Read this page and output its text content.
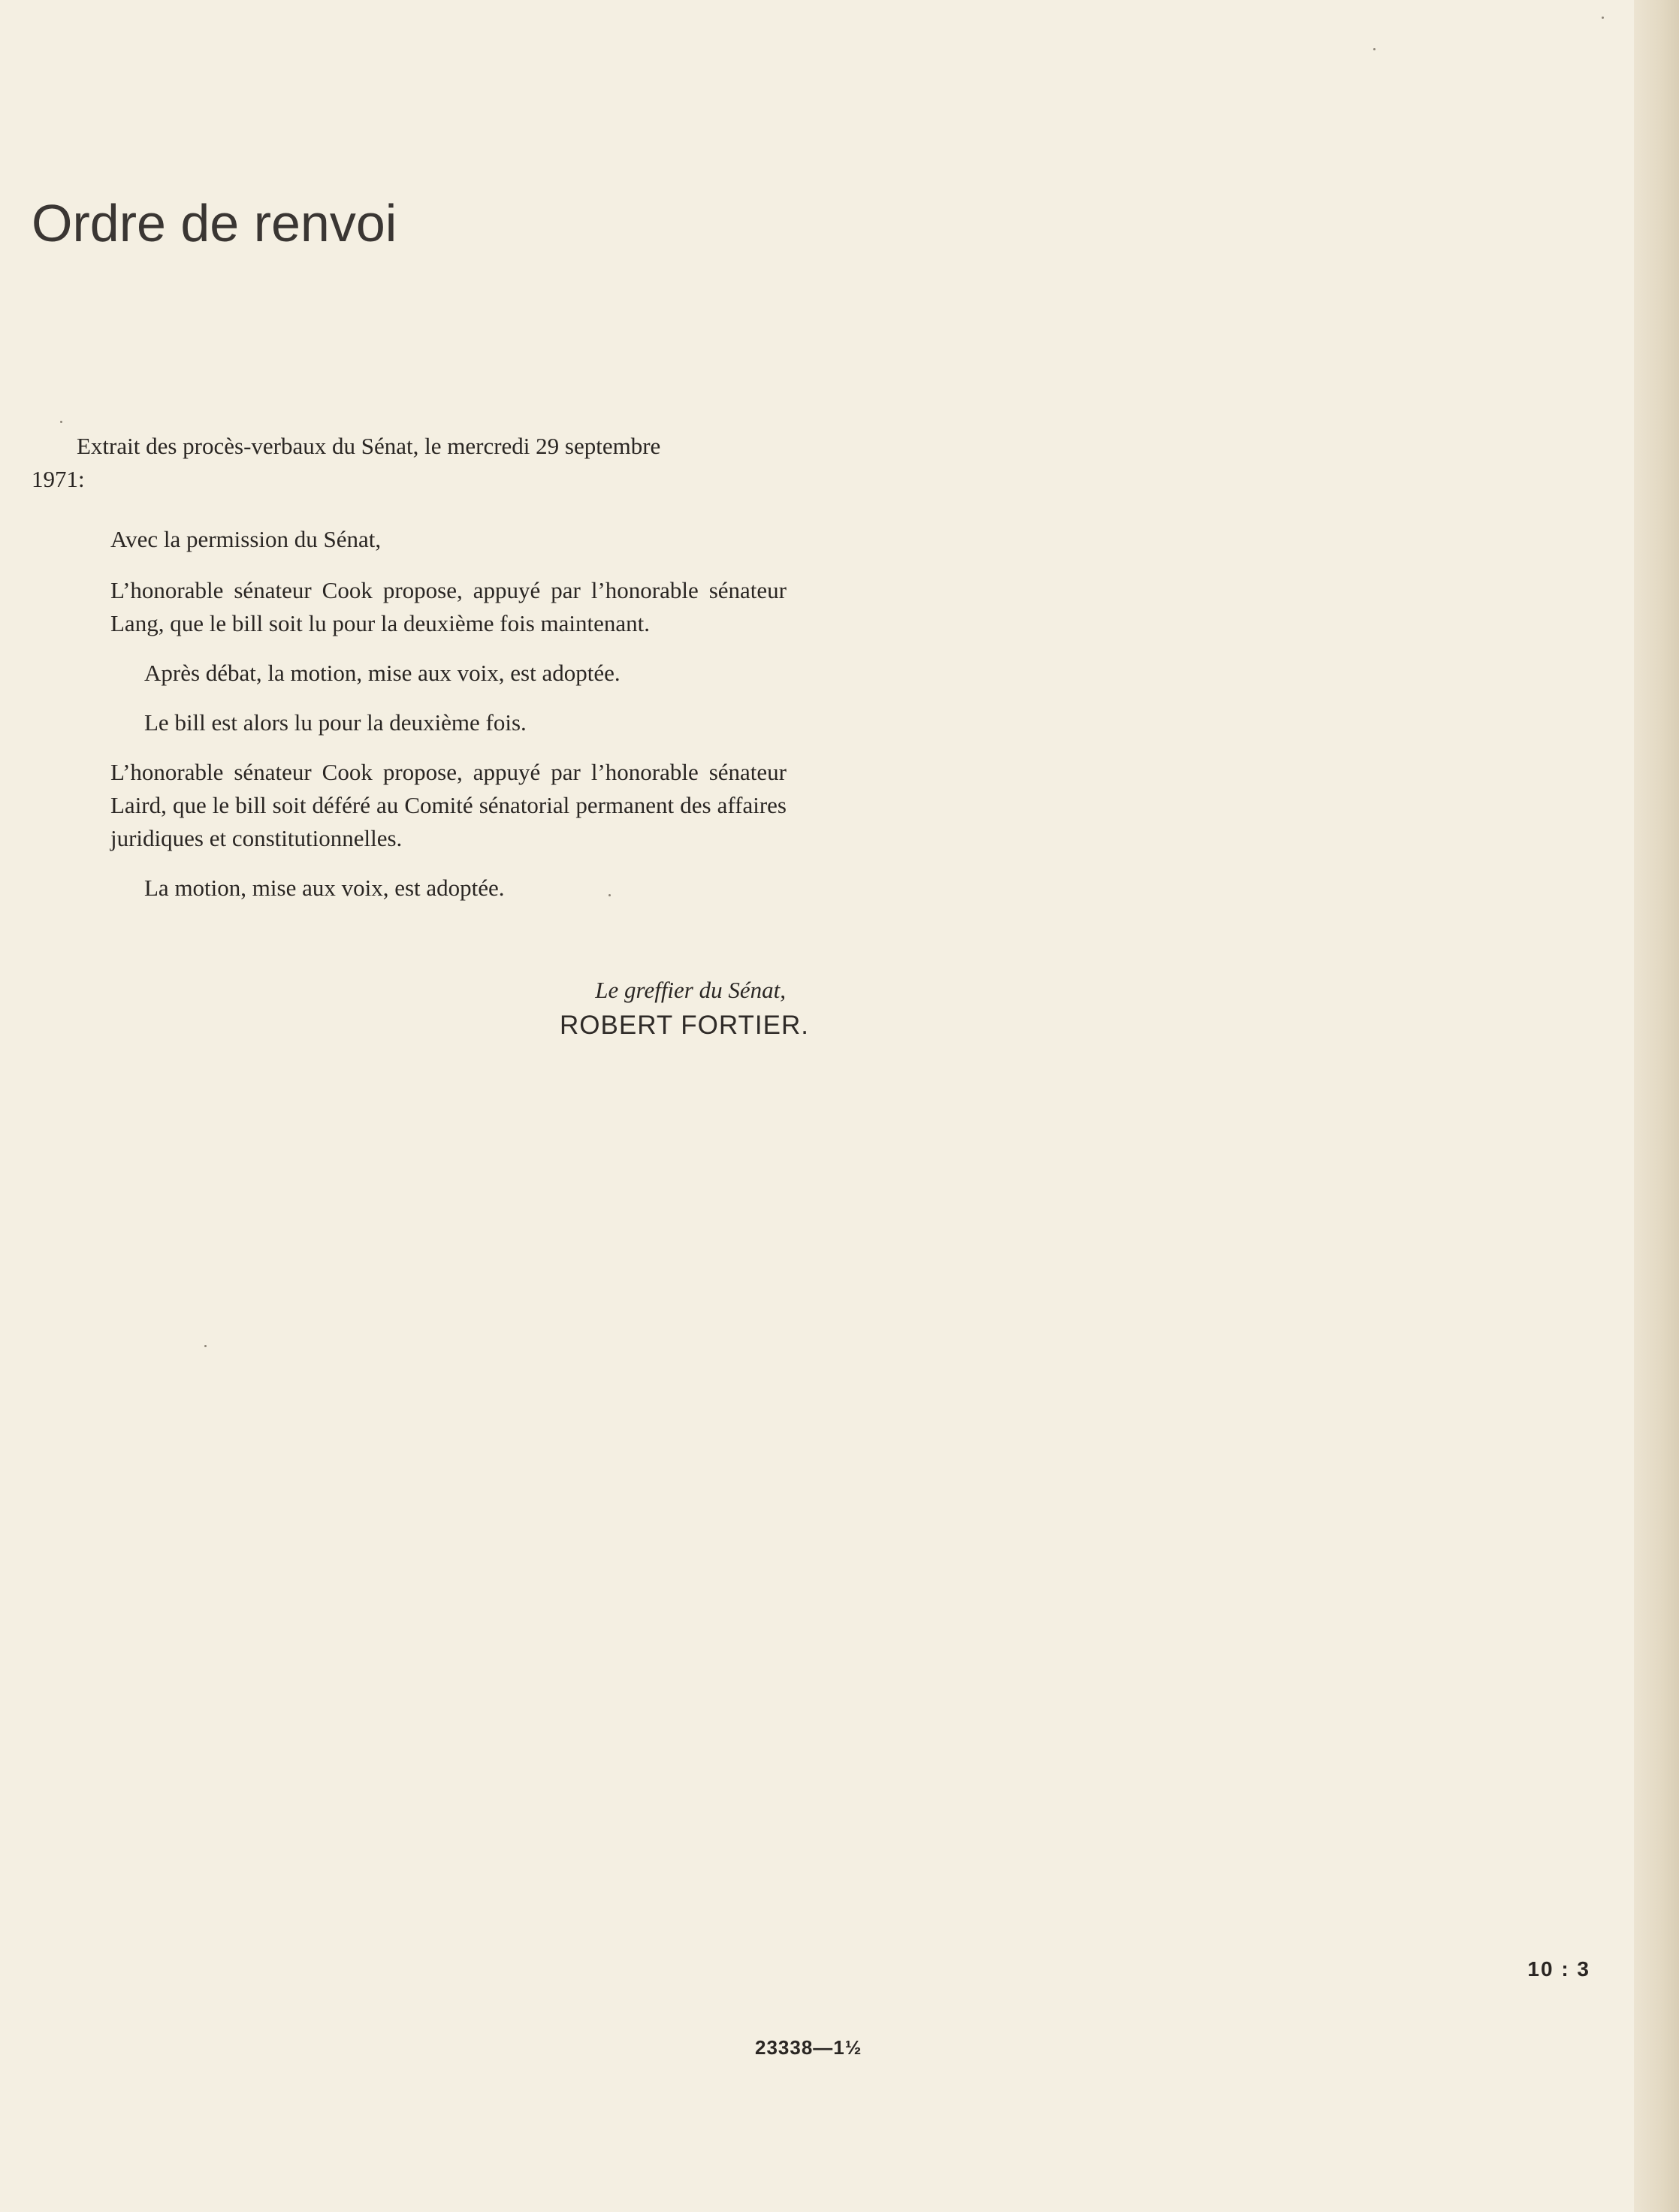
Ordre de renvoi

Extrait des procès-verbaux du Sénat, le mercredi 29 septembre

1971:

Avec la permission du Sénat,

L’honorable sénateur Cook propose, appuyé par l’honorable sénateur Lang, que le bill soit lu pour la deuxième fois maintenant.

Après débat, la motion, mise aux voix, est adoptée.

Le bill est alors lu pour la deuxième fois.

L’honorable sénateur Cook propose, appuyé par l’honorable sénateur Laird, que le bill soit déféré au Comité sénatorial permanent des affaires juridiques et constitutionnelles.

La motion, mise aux voix, est adoptée.

Le greffier du Sénat,
ROBERT FORTIER.
10 : 3
23338—1½
